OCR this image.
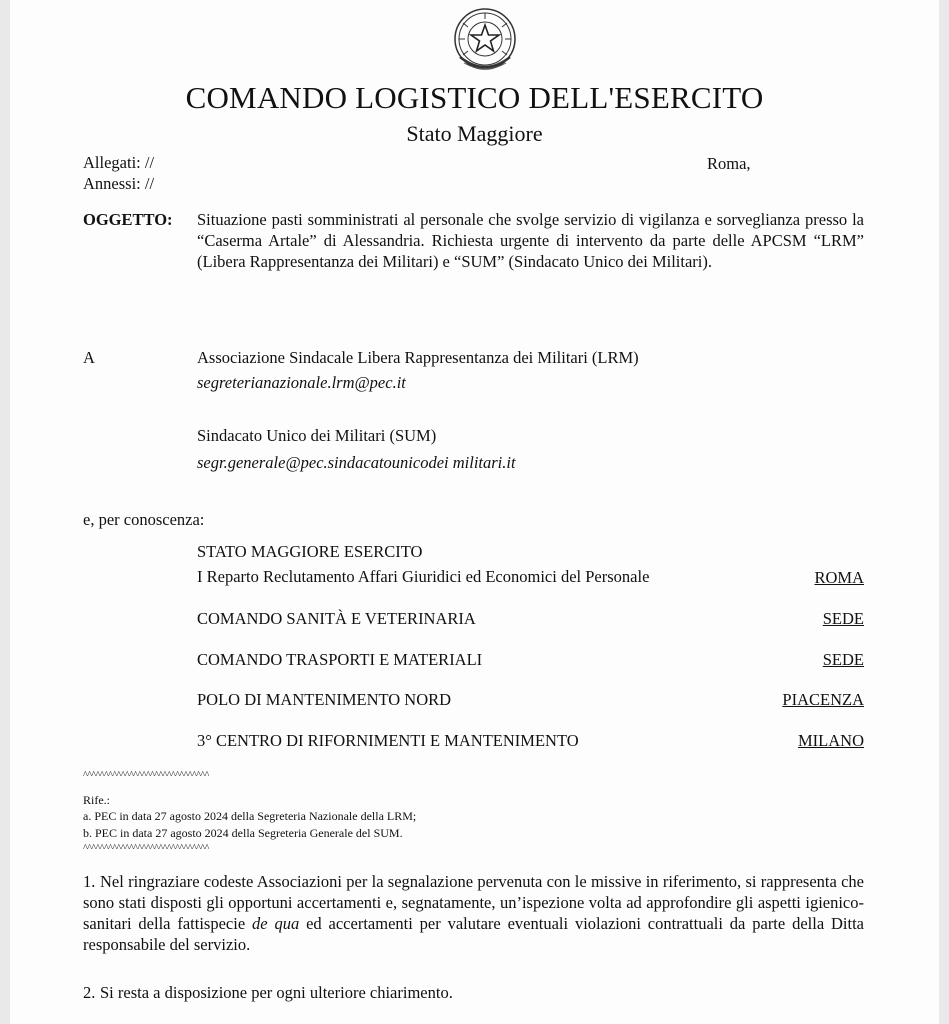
COMANDO LOGISTICO DELL'ESERCITO
Stato Maggiore
Allegati: //
Annessi: //
Roma,
OGGETTO: Situazione pasti somministrati al personale che svolge servizio di vigilanza e sorveglianza presso la “Caserma Artale” di Alessandria. Richiesta urgente di intervento da parte delle APCSM “LRM” (Libera Rappresentanza dei Militari) e “SUM” (Sindacato Unico dei Militari).
A	Associazione Sindacale Libera Rappresentanza dei Militari (LRM)
segreterianazionale.lrm@pec.it
Sindacato Unico dei Militari (SUM)
segr.generale@pec.sindacatounicodei militari.it
e, per conoscenza:
STATO MAGGIORE ESERCITO
I Reparto Reclutamento Affari Giuridici ed Economici del Personale	ROMA
COMANDO SANITÀ E VETERINARIA	SEDE
COMANDO TRASPORTI E MATERIALI	SEDE
POLO DI MANTENIMENTO NORD	PIACENZA
3° CENTRO DI RIFORNIMENTI E MANTENIMENTO	MILANO
^^^^^^^^^^^^^^^^^^^^^^^^^^^^^^
Rife.:
a. PEC in data 27 agosto 2024 della Segreteria Nazionale della LRM;
b. PEC in data 27 agosto 2024 della Segreteria Generale del SUM.
^^^^^^^^^^^^^^^^^^^^^^^^^^^^^^
1. Nel ringraziare codeste Associazioni per la segnalazione pervenuta con le missive in riferimento, si rappresenta che sono stati disposti gli opportuni accertamenti e, segnatamente, un’ispezione volta ad approfondire gli aspetti igienico-sanitari della fattispecie de qua ed accertamenti per valutare eventuali violazioni contrattuali da parte della Ditta responsabile del servizio.
2. Si resta a disposizione per ogni ulteriore chiarimento.
